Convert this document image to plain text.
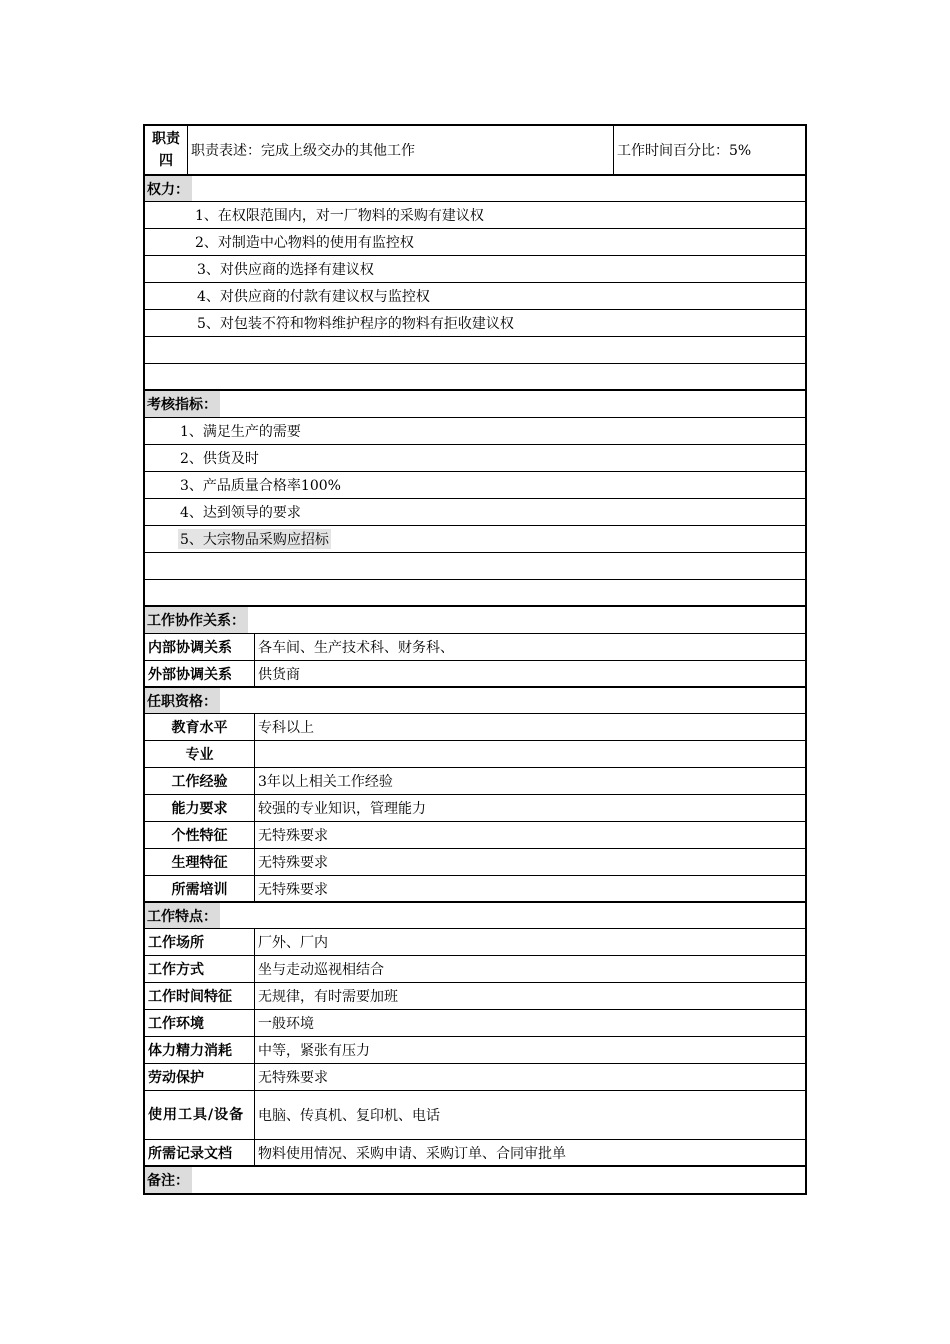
职责
四
职责表述：完成上级交办的其他工作	工作时间百分比：5%
权力：
1、在权限范围内，对一厂物料的采购有建议权
2、对制造中心物料的使用有监控权
3、对供应商的选择有建议权
4、对供应商的付款有建议权与监控权
5、对包装不符和物料维护程序的物料有拒收建议权
考核指标：
1、满足生产的需要
2、供货及时
3、产品质量合格率100%
4、达到领导的要求
5、大宗物品采购应招标
工作协作关系：
内部协调关系	各车间、生产技术科、财务科、
外部协调关系	供货商
任职资格：
教育水平	专科以上
专业
工作经验	3年以上相关工作经验
能力要求	较强的专业知识，管理能力
个性特征	无特殊要求
生理特征	无特殊要求
所需培训	无特殊要求
工作特点：
工作场所	厂外、厂内
工作方式	坐与走动巡视相结合
工作时间特征	无规律，有时需要加班
工作环境	一般环境
体力精力消耗	中等，紧张有压力
劳动保护	无特殊要求
使用工具/设备 电脑、传真机、复印机、电话
所需记录文档	物料使用情况、采购申请、采购订单、合同审批单
备注：
